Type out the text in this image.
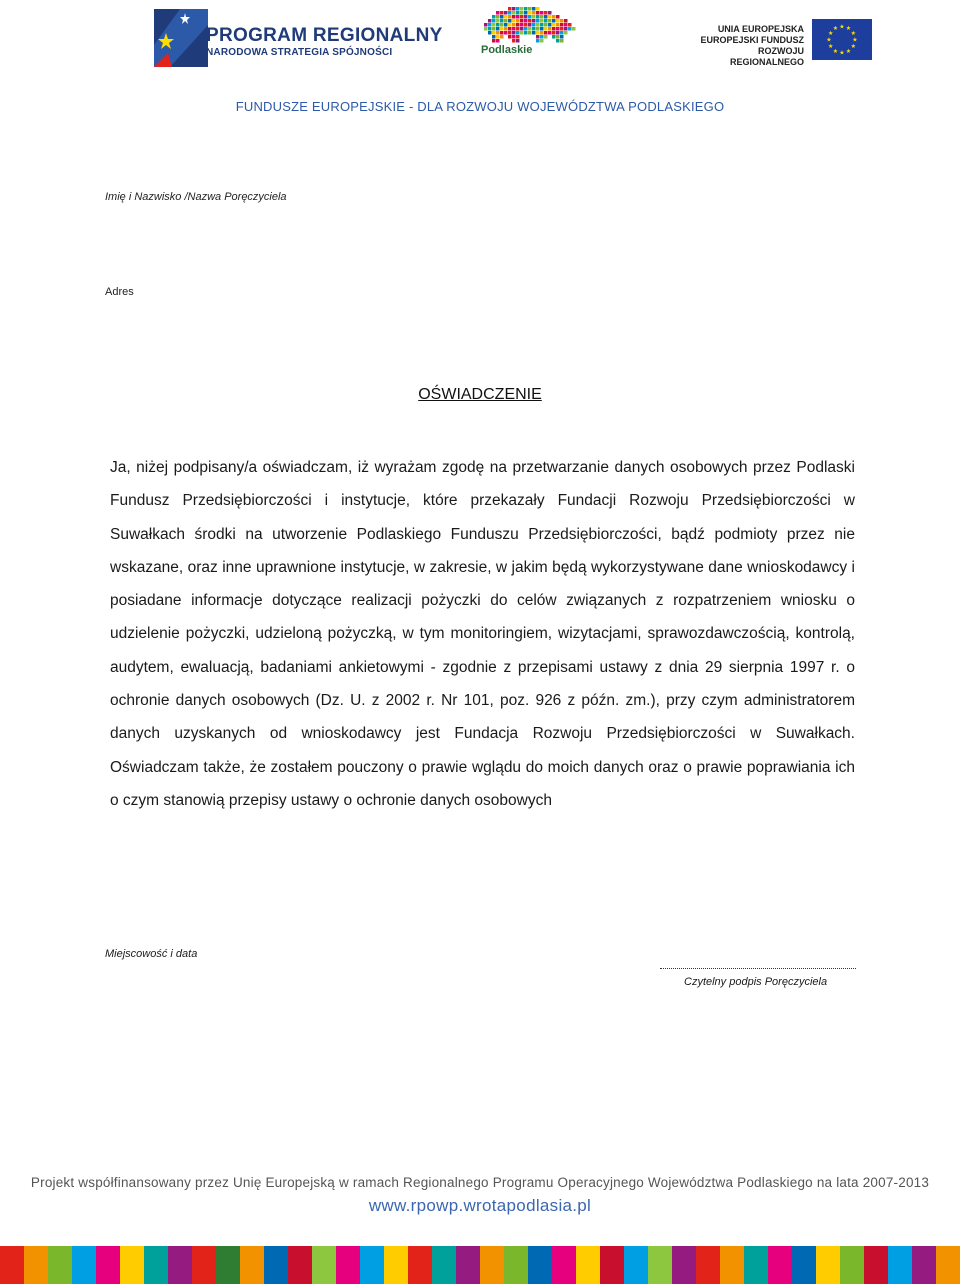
PROGRAM REGIONALNY
NARODOWA STRATEGIA SPÓJNOŚCI	Podlaskie
UNIA EUROPEJSKA
EUROPEJSKI FUNDUSZ
ROZWOJU REGIONALNEGO
★
★
★
★
★
★
★
★
★ ★ ★
★
FUNDUSZE EUROPEJSKIE - DLA ROZWOJU WOJEWÓDZTWA PODLASKIEGO
Imię i Nazwisko /Nazwa Poręczyciela
Adres
OŚWIADCZENIE
Ja, niżej podpisany/a oświadczam, iż wyrażam zgodę na przetwarzanie danych osobowych przez Podlaski Fundusz Przedsiębiorczości i instytucje, które przekazały Fundacji Rozwoju Przedsiębiorczości w Suwałkach środki na utworzenie Podlaskiego Funduszu Przedsiębiorczości, bądź podmioty przez nie wskazane, oraz inne uprawnione instytucje, w zakresie, w jakim będą wykorzystywane dane wnioskodawcy i posiadane informacje dotyczące realizacji pożyczki do celów związanych z rozpatrzeniem wniosku o udzielenie pożyczki, udzieloną pożyczką, w tym monitoringiem, wizytacjami, sprawozdawczością, kontrolą, audytem, ewaluacją, badaniami ankietowymi - zgodnie z przepisami ustawy z dnia 29 sierpnia 1997 r. o ochronie danych osobowych (Dz. U. z 2002 r. Nr 101, poz. 926 z późn. zm.), przy czym administratorem danych uzyskanych od wnioskodawcy jest Fundacja Rozwoju Przedsiębiorczości w Suwałkach. Oświadczam także, że zostałem pouczony o prawie wglądu do moich danych oraz o prawie poprawiania ich o czym stanowią przepisy ustawy o ochronie danych osobowych
Miejscowość i data
Czytelny podpis Poręczyciela
Projekt współfinansowany przez Unię Europejską w ramach Regionalnego Programu Operacyjnego Województwa Podlaskiego na lata 2007-2013
www.rpowp.wrotapodlasia.pl
